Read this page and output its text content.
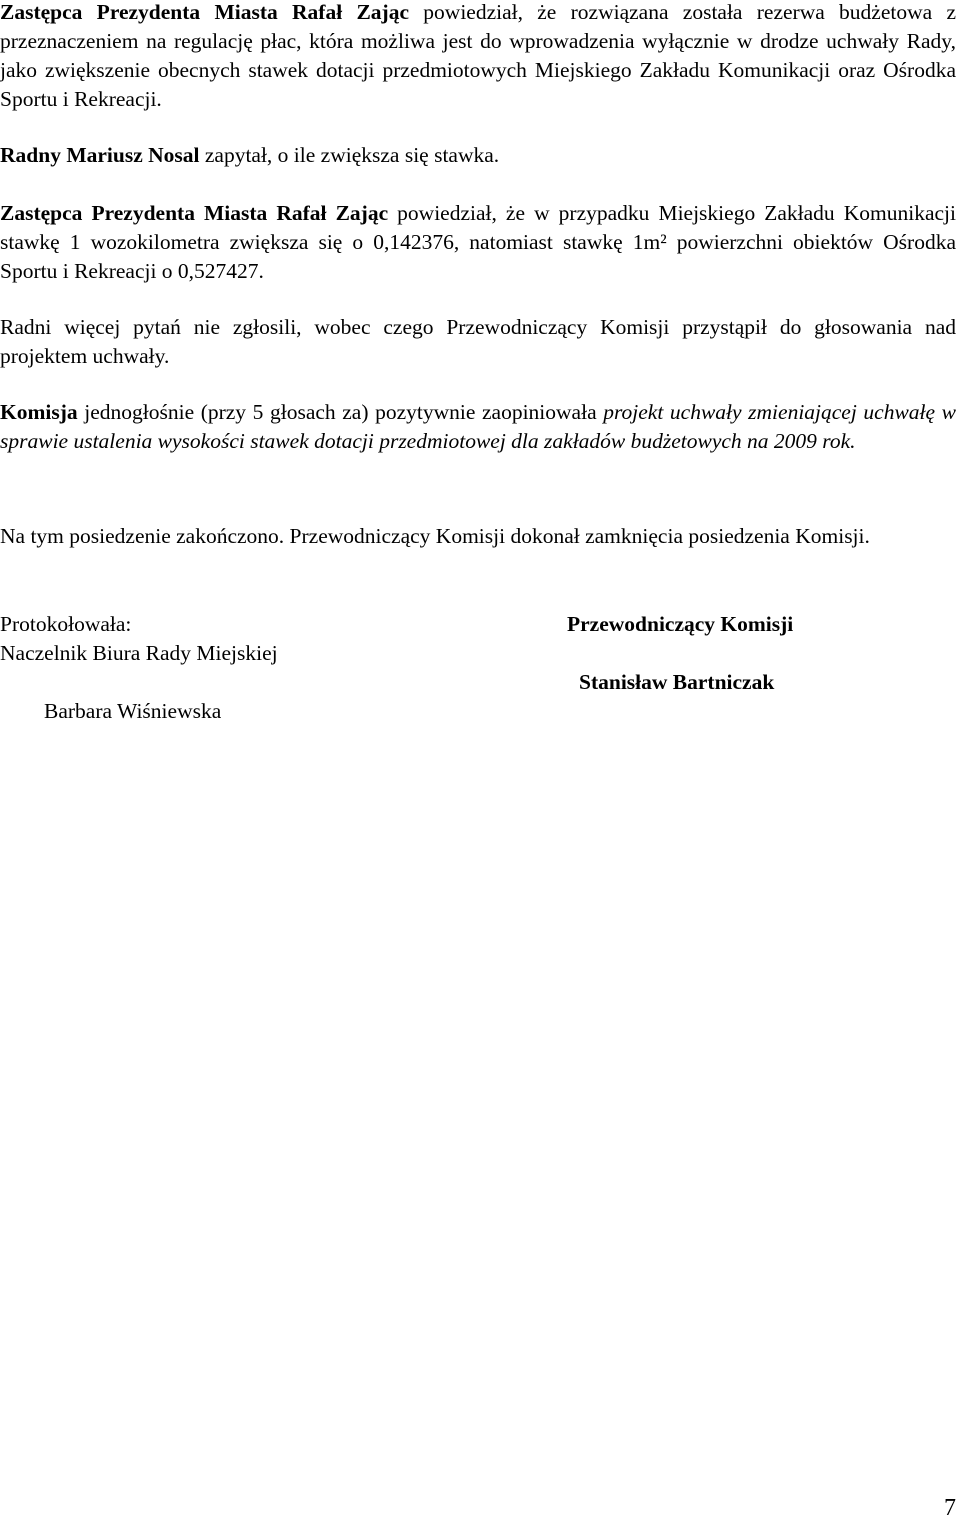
Zastępca Prezydenta Miasta Rafał Zając powiedział, że rozwiązana została rezerwa budżetowa z przeznaczeniem na regulację płac, która możliwa jest do wprowadzenia wyłącznie w drodze uchwały Rady, jako zwiększenie obecnych stawek dotacji przedmiotowych Miejskiego Zakładu Komunikacji oraz Ośrodka Sportu i Rekreacji.

Radny Mariusz Nosal zapytał, o ile zwiększa się stawka.

Zastępca Prezydenta Miasta Rafał Zając powiedział, że w przypadku Miejskiego Zakładu Komunikacji stawkę 1 wozokilometra zwiększa się o 0,142376, natomiast stawkę 1m² powierzchni obiektów Ośrodka Sportu i Rekreacji o 0,527427.

Radni więcej pytań nie zgłosili, wobec czego Przewodniczący Komisji przystąpił do głosowania nad projektem uchwały.

Komisja jednogłośnie (przy 5 głosach za) pozytywnie zaopiniowała projekt uchwały zmieniającej uchwałę w sprawie ustalenia wysokości stawek dotacji przedmiotowej dla zakładów budżetowych na 2009 rok.

Na tym posiedzenie zakończono. Przewodniczący Komisji dokonał zamknięcia posiedzenia Komisji.

Protokołowała:
Naczelnik Biura Rady Miejskiej
Barbara Wiśniewska
Przewodniczący Komisji
Stanisław Bartniczak
7
